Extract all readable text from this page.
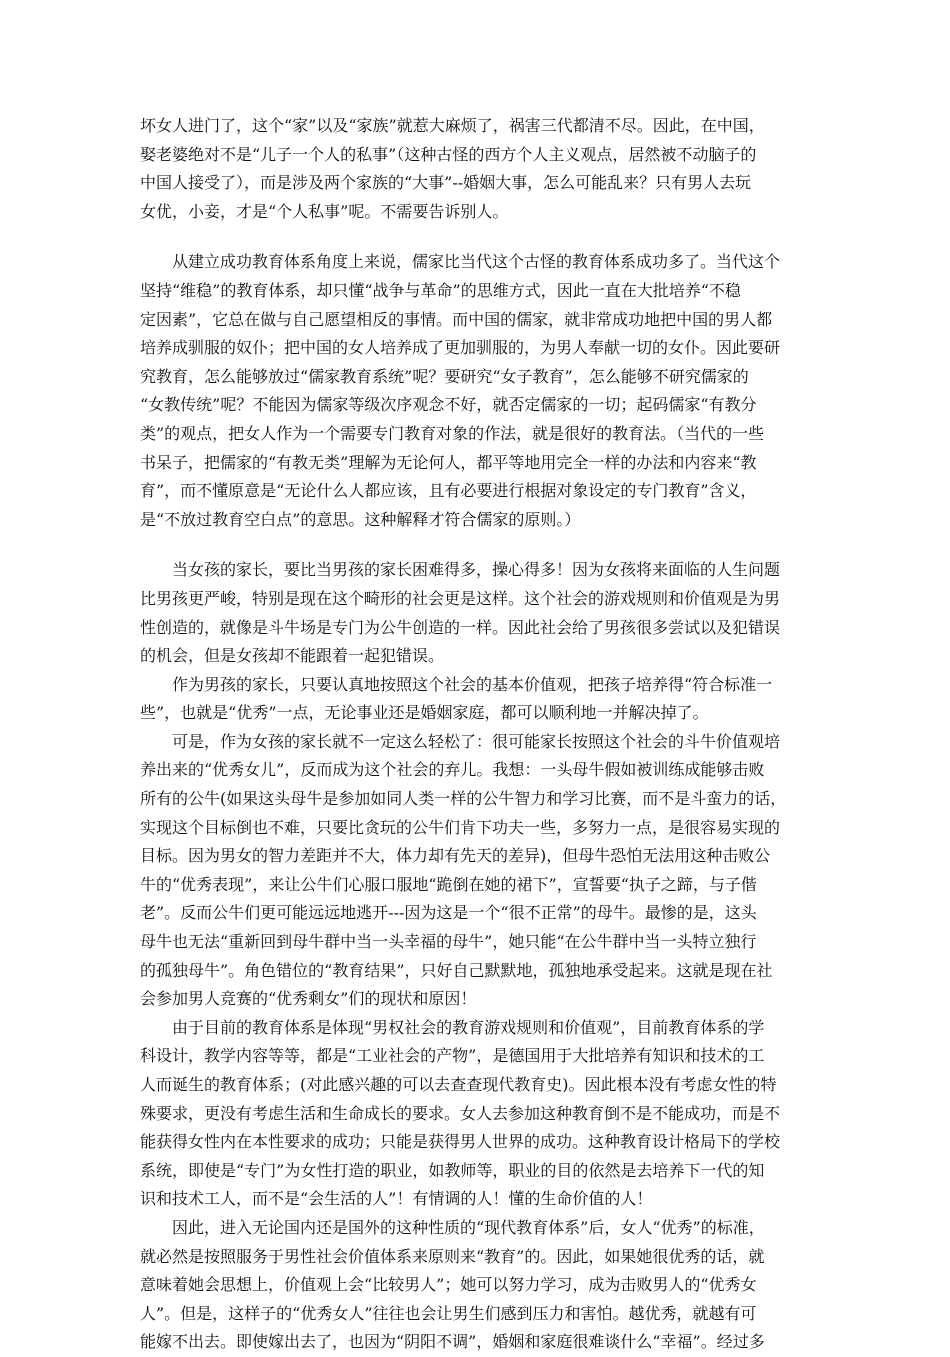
坏女人进门了，这个“家”以及“家族”就惹大麻烦了，祸害三代都清不尽。因此，在中国，
娶老婆绝对不是“儿子一个人的私事”（这种古怪的西方个人主义观点，居然被不动脑子的
中国人接受了），而是涉及两个家族的“大事”--婚姻大事，怎么可能乱来？只有男人去玩
女优，小妾，才是“个人私事”呢。不需要告诉别人。
　　从建立成功教育体系角度上来说，儒家比当代这个古怪的教育体系成功多了。当代这个
坚持“维稳”的教育体系，却只懂“战争与革命”的思维方式，因此一直在大批培养“不稳
定因素”，它总在做与自己愿望相反的事情。而中国的儒家，就非常成功地把中国的男人都
培养成驯服的奴仆；把中国的女人培养成了更加驯服的，为男人奉献一切的女仆。因此要研
究教育，怎么能够放过“儒家教育系统”呢？要研究“女子教育”，怎么能够不研究儒家的
“女教传统”呢？不能因为儒家等级次序观念不好，就否定儒家的一切；起码儒家“有教分
类”的观点，把女人作为一个需要专门教育对象的作法，就是很好的教育法。（当代的一些
书呆子，把儒家的“有教无类”理解为无论何人，都平等地用完全一样的办法和内容来“教
育”，而不懂原意是“无论什么人都应该，且有必要进行根据对象设定的专门教育”含义，
是“不放过教育空白点”的意思。这种解释才符合儒家的原则。）
　　当女孩的家长，要比当男孩的家长困难得多，操心得多！因为女孩将来面临的人生问题
比男孩更严峻，特别是现在这个畸形的社会更是这样。这个社会的游戏规则和价值观是为男
性创造的，就像是斗牛场是专门为公牛创造的一样。因此社会给了男孩很多尝试以及犯错误
的机会，但是女孩却不能跟着一起犯错误。
　　作为男孩的家长，只要认真地按照这个社会的基本价值观，把孩子培养得“符合标准一
些”，也就是“优秀”一点，无论事业还是婚姻家庭，都可以顺利地一并解决掉了。
　　可是，作为女孩的家长就不一定这么轻松了：很可能家长按照这个社会的斗牛价值观培
养出来的“优秀女儿”，反而成为这个社会的弃儿。我想：一头母牛假如被训练成能够击败
所有的公牛(如果这头母牛是参加如同人类一样的公牛智力和学习比赛，而不是斗蛮力的话，
实现这个目标倒也不难，只要比贪玩的公牛们肯下功夫一些，多努力一点，是很容易实现的
目标。因为男女的智力差距并不大，体力却有先天的差异)，但母牛恐怕无法用这种击败公
牛的“优秀表现”，来让公牛们心服口服地“跪倒在她的裙下”，宣誓要“执子之蹄，与子偕
老”。反而公牛们更可能远远地逃开---因为这是一个“很不正常”的母牛。最惨的是，这头
母牛也无法“重新回到母牛群中当一头幸福的母牛”，她只能“在公牛群中当一头特立独行
的孤独母牛”。角色错位的“教育结果”，只好自己默默地，孤独地承受起来。这就是现在社
会参加男人竞赛的“优秀剩女”们的现状和原因！
　　由于目前的教育体系是体现“男权社会的教育游戏规则和价值观”，目前教育体系的学
科设计，教学内容等等，都是“工业社会的产物”，是德国用于大批培养有知识和技术的工
人而诞生的教育体系；(对此感兴趣的可以去查查现代教育史)。因此根本没有考虑女性的特
殊要求，更没有考虑生活和生命成长的要求。女人去参加这种教育倒不是不能成功，而是不
能获得女性内在本性要求的成功；只能是获得男人世界的成功。这种教育设计格局下的学校
系统，即使是“专门”为女性打造的职业，如教师等，职业的目的依然是去培养下一代的知
识和技术工人，而不是“会生活的人”！有情调的人！懂的生命价值的人！
　　因此，进入无论国内还是国外的这种性质的“现代教育体系”后，女人“优秀”的标准，
就必然是按照服务于男性社会价值体系来原则来“教育”的。因此，如果她很优秀的话，就
意味着她会思想上，价值观上会“比较男人”；她可以努力学习，成为击败男人的“优秀女
人”。但是，这样子的“优秀女人”往往也会让男生们感到压力和害怕。越优秀，就越有可
能嫁不出去。即使嫁出去了，也因为“阴阳不调”，婚姻和家庭很难谈什么“幸福”。经过多
